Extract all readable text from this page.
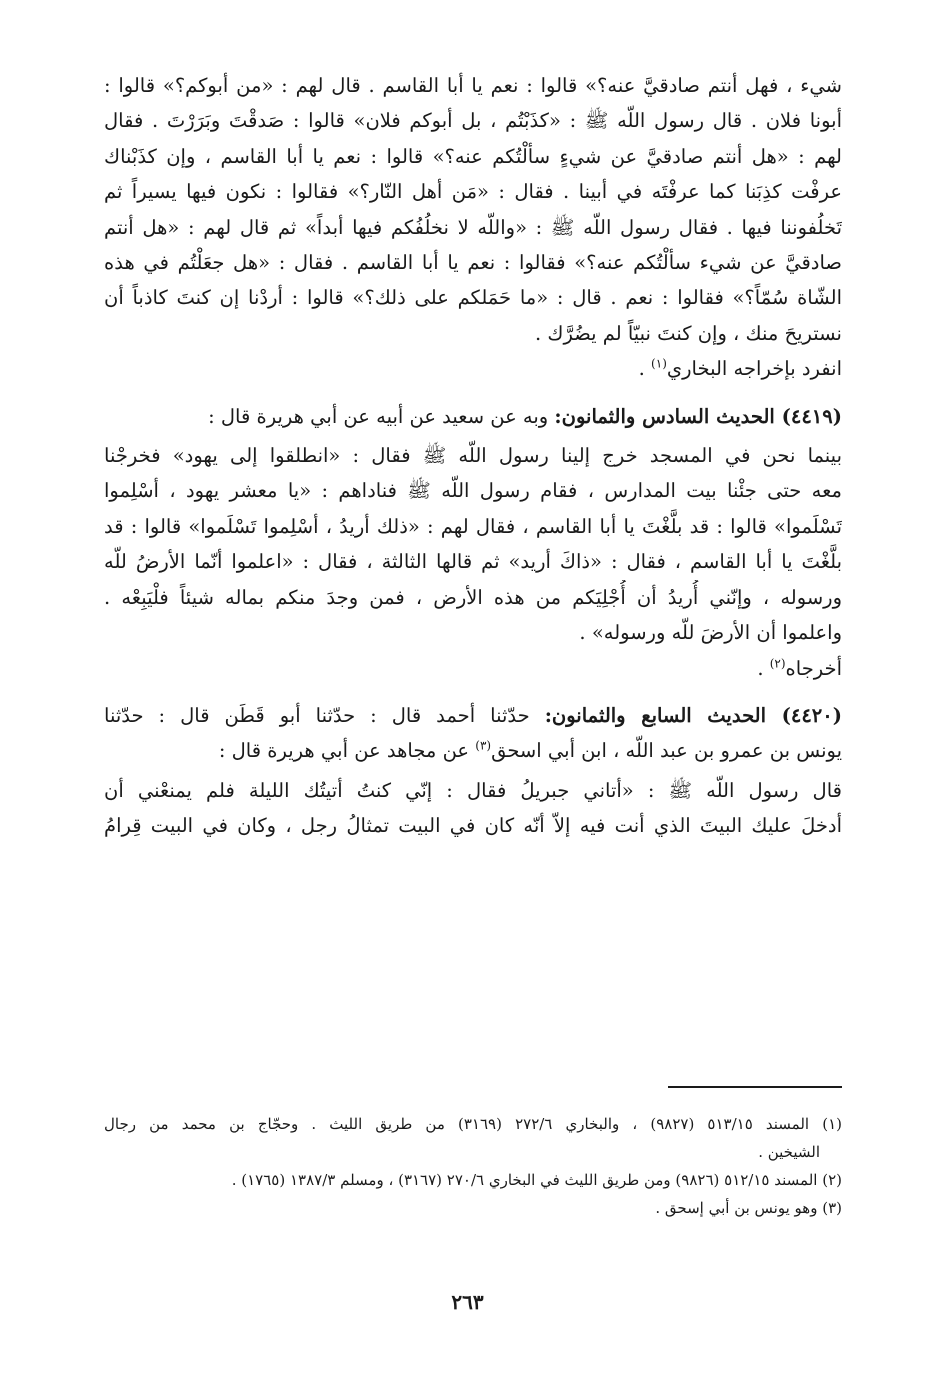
شيء ، فهل أنتم صادقيَّ عنه؟» قالوا : نعم يا أبا القاسم . قال لهم : «من أبوكم؟» قالوا :

أبونا فلان . قال رسول اللّه ﷺ : «كذَبْتُم ، بل أبوكم فلان» قالوا : صَدقْتَ وبَرَرْتَ . فقال

لهم : «هل أنتم صادقيَّ عن شيءٍ سألْتُكم عنه؟» قالوا : نعم يا أبا القاسم ، وإن كذَبْناك

عرفْت كذِبَنا كما عرفْتَه في أبينا . فقال : «مَن أهل النّار؟» فقالوا : نكون فيها يسيراً ثم

تَخلُفوننا فيها . فقال رسول اللّه ﷺ : «واللّه لا نخلُفُكم فيها أبداً» ثم قال لهم : «هل أنتم

صادقيَّ عن شيء سألْتُكم عنه؟» فقالوا : نعم يا أبا القاسم . فقال : «هل جعَلْتُم في هذه

الشّاة سُمّاً؟» فقالوا : نعم . قال : «ما حَمَلكم على ذلك؟» قالوا : أردْنا إن كنتَ كاذباً أن

نستريحَ منك ، وإن كنتَ نبيّاً لم يضُرَّك .

انفرد بإخراجه البخاري$^{(١)}$ .

(٤٤١٩) الحديث السادس والثمانون: وبه عن سعيد عن أبيه عن أبي هريرة قال :

بينما نحن في المسجد خرج إلينا رسول اللّه ﷺ فقال : «انطلقوا إلى يهود» فخرجْنا

معه حتى جئْنا بيت المدارس ، فقام رسول اللّه ﷺ فناداهم : «يا معشر يهود ، أسْلِموا

تَسْلَموا» قالوا : قد بلَّغْتَ يا أبا القاسم ، فقال لهم : «ذلك أريدُ ، أسْلِموا تَسْلَموا» قالوا : قد

بلَّغْتَ يا أبا القاسم ، فقال : «ذاكَ أريد» ثم قالها الثالثة ، فقال : «اعلموا أنّما الأرضُ للّه

ورسوله ، وإنّني أُريدُ أن أُجْلِيَكم من هذه الأرض ، فمن وجدَ منكم بماله شيئاً فلْيَبِعْه .

واعلموا أن الأرضَ للّه ورسوله» .

أخرجاه$^{(٢)}$ .

(٤٤٢٠) الحديث السابع والثمانون: حدّثنا أحمد قال : حدّثنا أبو قَطَن قال : حدّثنا

يونس بن عمرو بن عبد اللّه ، ابن أبي اسحق$^{(٣)}$ عن مجاهد عن أبي هريرة قال :

قال رسول اللّه ﷺ : «أتاني جبريلُ فقال : إنّي كنتُ أتيتُك الليلة فلم يمنعْني أن

أدخلَ عليك البيتَ الذي أنت فيه إلاّ أنّه كان في البيت تمثالُ رجل ، وكان في البيت قِرامُ

(١) المسند ٥١٣/١٥ (٩٨٢٧) ، والبخاري ٢٧٢/٦ (٣١٦٩) من طريق الليث . وحجّاج بن محمد من رجال

الشيخين .

(٢) المسند ٥١٢/١٥ (٩٨٢٦) ومن طريق الليث في البخاري ٢٧٠/٦ (٣١٦٧) ، ومسلم ١٣٨٧/٣ (١٧٦٥) .

(٣) وهو يونس بن أبي إسحق .

٢٦٣
